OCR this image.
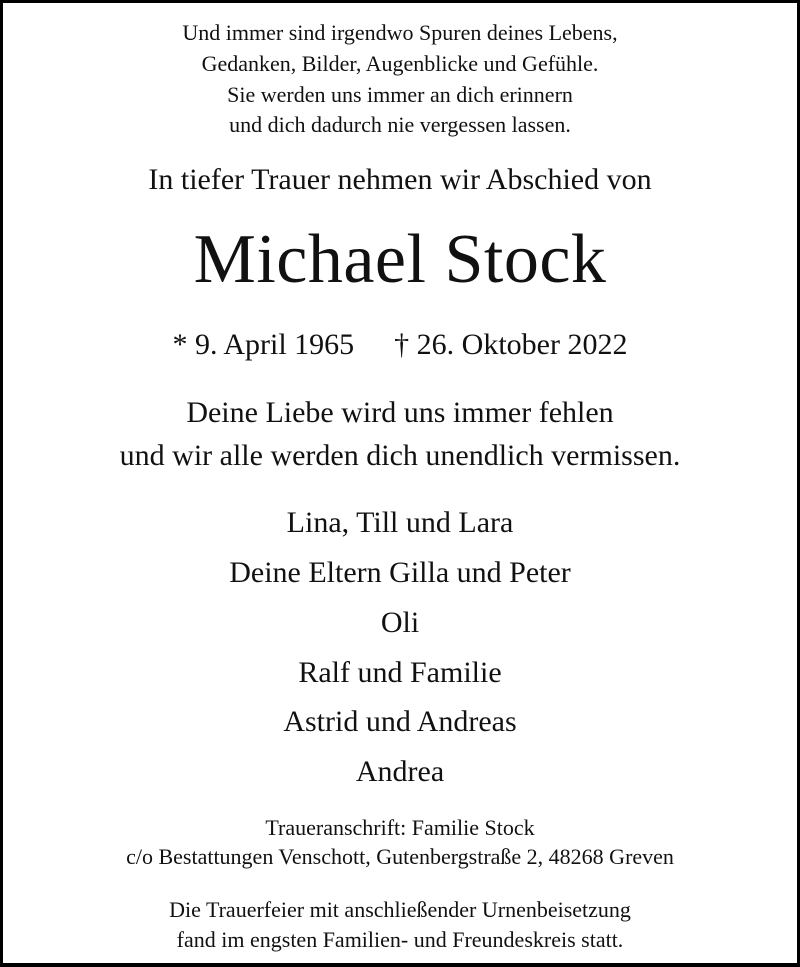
Und immer sind irgendwo Spuren deines Lebens,
Gedanken, Bilder, Augenblicke und Gefühle.
Sie werden uns immer an dich erinnern
und dich dadurch nie vergessen lassen.
In tiefer Trauer nehmen wir Abschied von
Michael Stock
* 9. April 1965 † 26. Oktober 2022
Deine Liebe wird uns immer fehlen
und wir alle werden dich unendlich vermissen.
Lina, Till und Lara
Deine Eltern Gilla und Peter
Oli
Ralf und Familie
Astrid und Andreas
Andrea
Traueranschrift: Familie Stock
c/o Bestattungen Venschott, Gutenbergstraße 2, 48268 Greven
Die Trauerfeier mit anschließender Urnenbeisetzung
fand im engsten Familien- und Freundeskreis statt.
